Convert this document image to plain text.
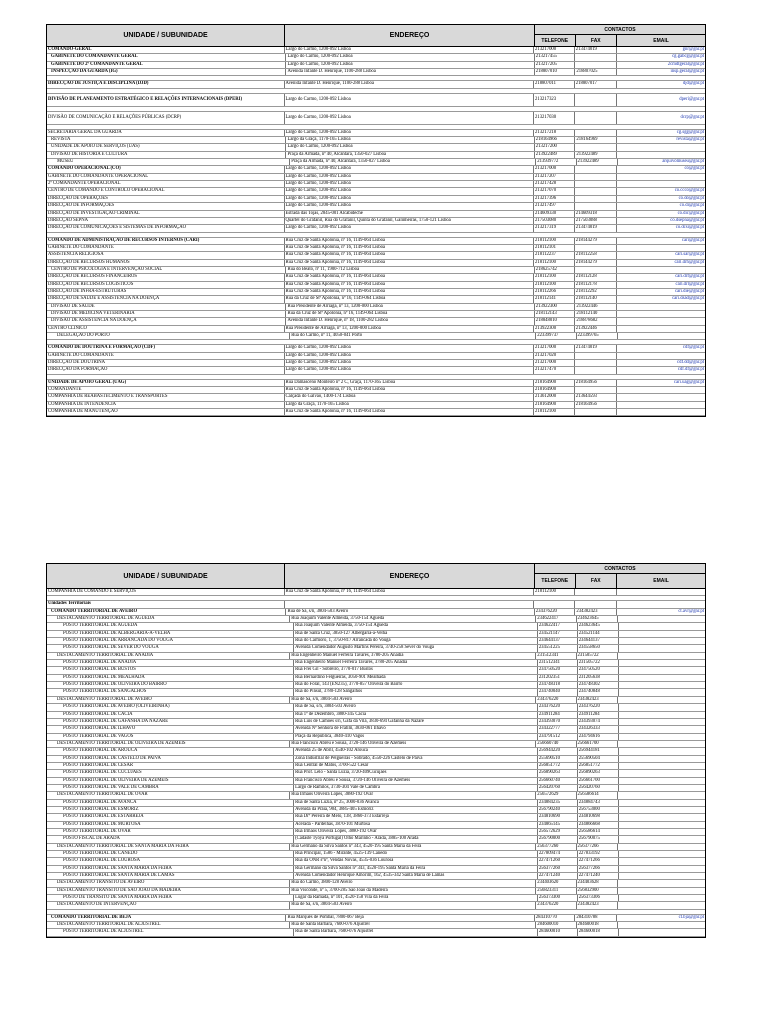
UNIDADE / SUBUNIDADE	ENDEREÇO
CONTACTOS
TELEFONE	FAX	EMAIL
COMANDO-GERAL	Largo do Carmo, 1200-092 Lisboa	213217000	213474019	gnr@gnr.pt
GABINETE DO COMANDANTE GERAL	Largo do Carmo, 1200-092 Lisboa	213217455	cg.gabcg@gnr.pt
GABINETE DO 2º COMANDANTE GERAL	Largo do Carmo, 1200-092 Lisboa	213217205	2cmdtgeral@gnr.pt
INSPECÇÃO DA GUARDA (IG)	Avenida Infante D. Henrique, 1100-288 Lisboa	218807010	218807025	insp.geral@gnr.pt
DIRECÇÃO DE JUSTIÇA E DISCIPLINA (DJD)	Avenida Infante D. Henrique, 1100-288 Lisboa	218807011	218807017	djd@gnr.pt
DIVISÃO DE PLANEAMENTO ESTRATÉGICO E RELAÇÕES INTERNACIONAIS (DPERI)	Largo do Carmo, 1200-092 Lisboa	213217323	dperi@gnr.pt
DIVISÃO DE COMUNICAÇÃO E RELAÇÕES PÚBLICAS (DCRP)	Largo do Carmo, 1200-092 Lisboa	213217030	dcrp@gnr.pt
SECRETARIA GERAL DA GUARDA	Largo do Carmo, 1200-092 Lisboa	213217218	cg.sgg@gnr.pt
REVISTA	Largo da Graça, 1170-165 Lisboa	218164966	218164969	revista@gnr.pt
UNIDADE DE APOIO DE SERVIÇOS (UAS)	Largo do Carmo, 1200-092 Lisboa	213217200
DIVISÃO DE HISTÓRIA E CULTURA	Praça da Armada, nº 40, Alcântara, 1350-027 Lisboa	213922489	213922489
MUSEU	Praça da Armada, nº 40, Alcântara, 1350-027 Lisboa	213939772	213922489	arquivomuseu@gnr.pt
COMANDO OPERACIONAL (CO)	Largo do Carmo, 1200-092 Lisboa	213217000	co@gnr.pt
GABINETE DO COMANDANTE OPERACIONAL	Largo do Carmo, 1200-092 Lisboa	213217207
2º COMANDANTE OPERACIONAL	Largo do Carmo, 1200-092 Lisboa	213217428
CENTRO DE COMANDO E CONTROLO OPERACIONAL	Largo do Carmo, 1200-092 Lisboa	213217070	co.ccco@gnr.pt
DIRECÇÃO DE OPERAÇÕES	Largo do Carmo, 1200-092 Lisboa	213217396	co.do@gnr.pt
DIRECÇÃO DE INFORMAÇÕES	Largo do Carmo, 1200-092 Lisboa	213217497	co.di@gnr.pt
DIRECÇÃO DE INVESTIGAÇÃO CRIMINAL	Estrada das Tojas, 2845-001 Alcabideche	214609330	214609318	co.dic@gnr.pt
DIRECÇÃO SEPNA	Quartel do Grafanil, Rua do Grafanil, Quinta do Grafanil, Galinheiras, 1750-121 Lisboa	217503080	217503088	co.dsepna@gnr.pt
DIRECÇÃO DE COMUNICAÇÕES E SISTEMAS DE INFORMAÇÃO	Largo do Carmo, 1200-092 Lisboa	213217319	213474019	co.dcsi@gnr.pt
COMANDO DE ADMINISTRAÇÃO DE RECURSOS INTERNOS (CARI)	Rua Cruz de Santa Apolónia, nº 16, 1149-064 Lisboa	218112100	218144279	cari@gnr.pt
GABINETE DO COMANDANTE	Rua Cruz de Santa Apolónia, nº 16, 1149-064 Lisboa	218112101
ASSISTÊNCIA RELIGIOSA	Rua Cruz de Santa Apolónia, nº 16, 1149-064 Lisboa	218112237	218112258	cari.sar@gnr.pt
DIRECÇÃO DE RECURSOS HUMANOS	Rua Cruz de Santa Apolónia, nº 16, 1149-064 Lisboa	218112100	218144279	cari.drh@gnr.pt
CENTRO DE PSICOLOGIA E INTERVENÇÃO SOCIAL	Rua do Beato, nº 11, 1900-712 Lisboa	218625742
DIRECÇÃO DE RECURSOS FINANCEIROS	Rua Cruz de Santa Apolónia, nº 16, 1149-064 Lisboa	218112100	218112128	cari.drf@gnr.pt
DIRECÇÃO DE RECURSOS LOGÍSTICOS	Rua Cruz de Santa Apolónia, nº 16, 1149-064 Lisboa	218112100	218112178	cari.drl@gnr.pt
DIRECÇÃO DE INFRA-ESTRUTURAS	Rua Cruz de Santa Apolónia, nº 16, 1149-064 Lisboa	218112266	218112292	cari.die@gnr.pt
DIRECÇÃO DE SAÚDE E ASSISTÊNCIA NA DOENÇA	Rua da Cruz de Stª Apolónia, nº 16, 1149-064 Lisboa	218112141	218112140	cari.dsad@gnr.pt
DIVISÃO DE SAÚDE	Rua Presidente de Arriaga, nº 13, 1200-000 Lisboa	213922300	213922446
DIVISÃO DE MEDICINA VETERINÁRIA	Rua da Cruz de Stª Apolónia, nº 16, 1149-064 Lisboa	218112143	218112140
DIVISÃO DE ASSISTÊNCIA NA DOENÇA	Avenida Infante D. Henrique, nº 18, 1100-282 Lisboa	218848010	218878682
CENTRO CLÍNICO	Rua Presidente de Arriaga, nº 13, 1200-000 Lisboa	213922300	213922446
DELEGAÇÃO DO PORTO	Rua do Carmo, nº 11, 4050-041 Porto	223399737	223399765
COMANDO DE DOUTRINA E FORMAÇÃO (CDF)	Largo do Carmo, 1200-092 Lisboa	213217000	213474019	cdf@gnr.pt
GABINETE DO COMANDANTE	Largo do Carmo, 1200-092 Lisboa	213217020
DIRECÇÃO DE DOUTRINA	Largo do Carmo, 1200-092 Lisboa	213217000	cdf.dd@gnr.pt
DIRECÇÃO DA FORMAÇÃO	Largo do Carmo, 1200-092 Lisboa	213217470	cdf.df@gnr.pt
UNIDADE DE APOIO GERAL (UAG)	Rua Damasceno Monteiro nº 2 C, Graça, 1170-365 Lisboa	218164900	218164956	cari.uag@gnr.pt
COMANDANTE	Rua Cruz de Santa Apolónia, nº 16, 1149-064 Lisboa	218164900
COMPANHIA DE REABASTECIMENTO E TRANSPORTES	Calçada do Galvão, 1400-174 Lisboa	213612000	213644593
COMPANHIA DE INTENDÊNCIA	Largo da Graça, 1170-165 Lisboa	218164900	218164956
COMPANHIA DE MANUTENÇÃO	Rua Cruz de Santa Apolónia, nº 16, 1149-064 Lisboa	218112100
UNIDADE / SUBUNIDADE	ENDEREÇO
CONTACTOS
TELEFONE	FAX	EMAIL
COMPANHIA DE COMANDO E SERVIÇOS	Rua Cruz de Santa Apolónia, nº 16, 1149-064 Lisboa	218112100
Unidades Territoriais
COMANDO TERRITORIAL DE AVEIRO	Rua de Sá, s/n, 3804-503 Aveiro	234376220	234382423	ct.avr@gnr.pt
DESTACAMENTO TERRITORIAL DE AGUEDA	Rua Joaquim Valente Almeida, 3750-154 Águeda	234622417	234623645
POSTO TERRITORIAL DE AGUEDA	Rua Joaquim Valente Almeida, 3750-154 Águeda	234622417	234623645
POSTO TERRITORIAL DE ALBERGARIA-A-VELHA	Rua de Santa Cruz, 3850-127 Albergaria-a-Velha	234521147	234521144
POSTO TERRITORIAL DE ARRANCADA DO VOUGA	Rua do Carmoro, 1, 3750-817 Arrancada do Vouga	234644137	234644137
POSTO TERRITORIAL DE SEVER DO VOUGA	Avenida Comendador Augusto Martins Pereira, 3740-258 Sever do Vouga	234551225	234558650
DESTACAMENTO TERRITORIAL DE ANADIA	Rua Engenheiro Manuel Ferreira Tavares, 3780-205 Anadia	231512341	231505722
POSTO TERRITORIAL DE ANADIA	Rua Engenheiro Manuel Ferreira Tavares, 3780-205 Anadia	231512341	231505722
POSTO TERRITORIAL DE BUSTOS	Rua Frei Gil - Sobreiro, 3770-017 Bustos	234750520	234750520
POSTO TERRITORIAL DE MEALHADA	Rua Bernardino Felgueiras, 3050-901 Mealhada	231202351	231205638
POSTO TERRITORIAL DE OLIVEIRA DO BAIRRO	Rua do Foral, 143 (EN235), 3770-857 Oliveira do Bairro	234748318	234748302
POSTO TERRITORIAL DE SANGALHOS	Rua do Pinsul, 3780-128 Sangalhos	234740040	234740848
DESTACAMENTO TERRITORIAL DE AVEIRO	Rua de Sá, s/n, 3804-503 Aveiro	234376220	234382423
POSTO TERRITORIAL DE AVEIRO (OLIVEIRINHA)	Rua de Sá, s/n, 3804-503 Aveiro	234376220	234376220
POSTO TERRITORIAL DE CACIA	Rua 1º de Dezembro, 3800-345 Cacia	234911284	234911284
POSTO TERRITORIAL DE GAFANHA DA NAZARÉ	Rua Luís de Camões s/n, Gafa da Vila, 3830-694 Gafanha da Nazaré	234393070	234393074
POSTO TERRITORIAL DE ILHAVO	Avenida Nª Senhora de Fratim, 3830-061 Ílhavo	234322777	234326333
POSTO TERRITORIAL DE VAGOS	Praça da República, 3840-410 Vagos	234791512	234794616
DESTACAMENTO TERRITORIAL DE OLIVEIRA DE AZEMEIS	Rua Francisco Abreu e Sousa, 3720-146 Oliveira de Azeméis	256660740	256661700
POSTO TERRITORIAL DE AROUCA	Avenida 25 de Abril, 4540-102 Arouca	256944220	256944181
POSTO TERRITORIAL DE CASTELO DE PAIVA	Zona Industrial de Pelgueiras - Sobrado, 4550-226 Castelo de Paiva	255690510	255690504
POSTO TERRITORIAL DE CESAR	Rua Central de Matos, 3700-522 Cesar	256851772	256851772
POSTO TERRITORIAL DE CUCUJAES	Rua Prof. Lelo - Santa Luzia, 3720-409Cucujães	256890263	256890263
POSTO TERRITORIAL DE OLIVEIRA DE AZEMEIS	Rua Francisco Abreu e Sousa, 3720-146 Oliveira de Azeméis	256660740	256661700
POSTO TERRITORIAL DE VALE DE CAMBRA	Largo de Ramilos, 3730-304 Vale de Cambra	256420760	256420760
DESTACAMENTO TERRITORIAL DE OVAR	Rua Irmãos Oliveira Lopes, 3880-192 Ovar	256572629	256586614
POSTO TERRITORIAL DE AVANCA	Rua de Santa Luzia, nº 25, 3000-036 Avanca	234884235	234884743
POSTO TERRITORIAL DE ESMORIZ	Avenida da Praia, 904, 3885-405 Esmoriz	256790240	256753000
POSTO TERRITORIAL DE ESTARREJA	Rua Drº Pereira de Melo, 138, 3860-373 Estarreja	234810690	234810698
POSTO TERRITORIAL DE MURTOSA	Acerada - Pardelhas, 3870-101 Murtosa	234865145	234866668
POSTO TERRITORIAL DE OVAR	Rua Irmãos Oliveira Lopes, 3880-192 Ovar	256572629	256586614
POSTO FISCAL DE ARADA	(Cadaste Tyoya Portugal) Olho Marinho - Arada, 3885-100 Arada	256790000	256790075
DESTACAMENTO TERRITORIAL DE SANTA MARIA DA FEIRA	Rua Germano da Silva Santos nº 343, 4520-195 Santa Maria da Feira	256377260	256377266
POSTO TERRITORIAL DE CANEDO	Rua Principal, 1586 - Mirante, 4525-139 Canedo	227809474	227833192
POSTO TERRITORIAL DE LOUROSA	Rua da ONR sºnº, Vendas Novas, 4535-036 Lourosa	227471260	227471266
POSTO TERRITORIAL DE SANTA MARIA DA FEIRA	Rua Germano da Silva Santos nº 343, 4520-195 Santa Maria da Feira	256377260	256377266
POSTO TERRITORIAL DE SANTA MARIA DE LAMAS	Avenida Comendador Henrique Amorim, 162, 4535-342 Santa Maria de Lamas	227471240	227471240
DESTACAMENTO TRANSITO DE AVEIRO	Rua do Carmo, 3800-128 Aveiro	234403620	234403628
DESTACAMENTO TRANSITO DE SÃO JOÃO DA MADEIRA	Rua Visconde, nº 5, 3700-285 São João da Madeira	256823311	256832900
POSTO DE TRANSITO DE SANTA MARIA DA FEIRA	Lugar da Ramada, nº 101, 4520-158 Vila da Feira	256373300	256373306
DESTACAMENTO DE INTERVENÇÃO	Rua de Sá, s/n, 3804-503 Aveiro	234376220	234382423
COMANDO TERRITORIAL DE BEJA	Rua Marquês de Pombal, 7800-067 Beja	284310770	284310788	ct.bja@gnr.pt
DESTACAMENTO TERRITORIAL DE ALJUSTREL	Rua de Santa Bárbara, 7600-076 Aljustrel	284600010	284600018
POSTO TERRITORIAL DE ALJUSTREL	Rua de Santa Bárbara, 7600-076 Aljustrel	284600010	284600018
